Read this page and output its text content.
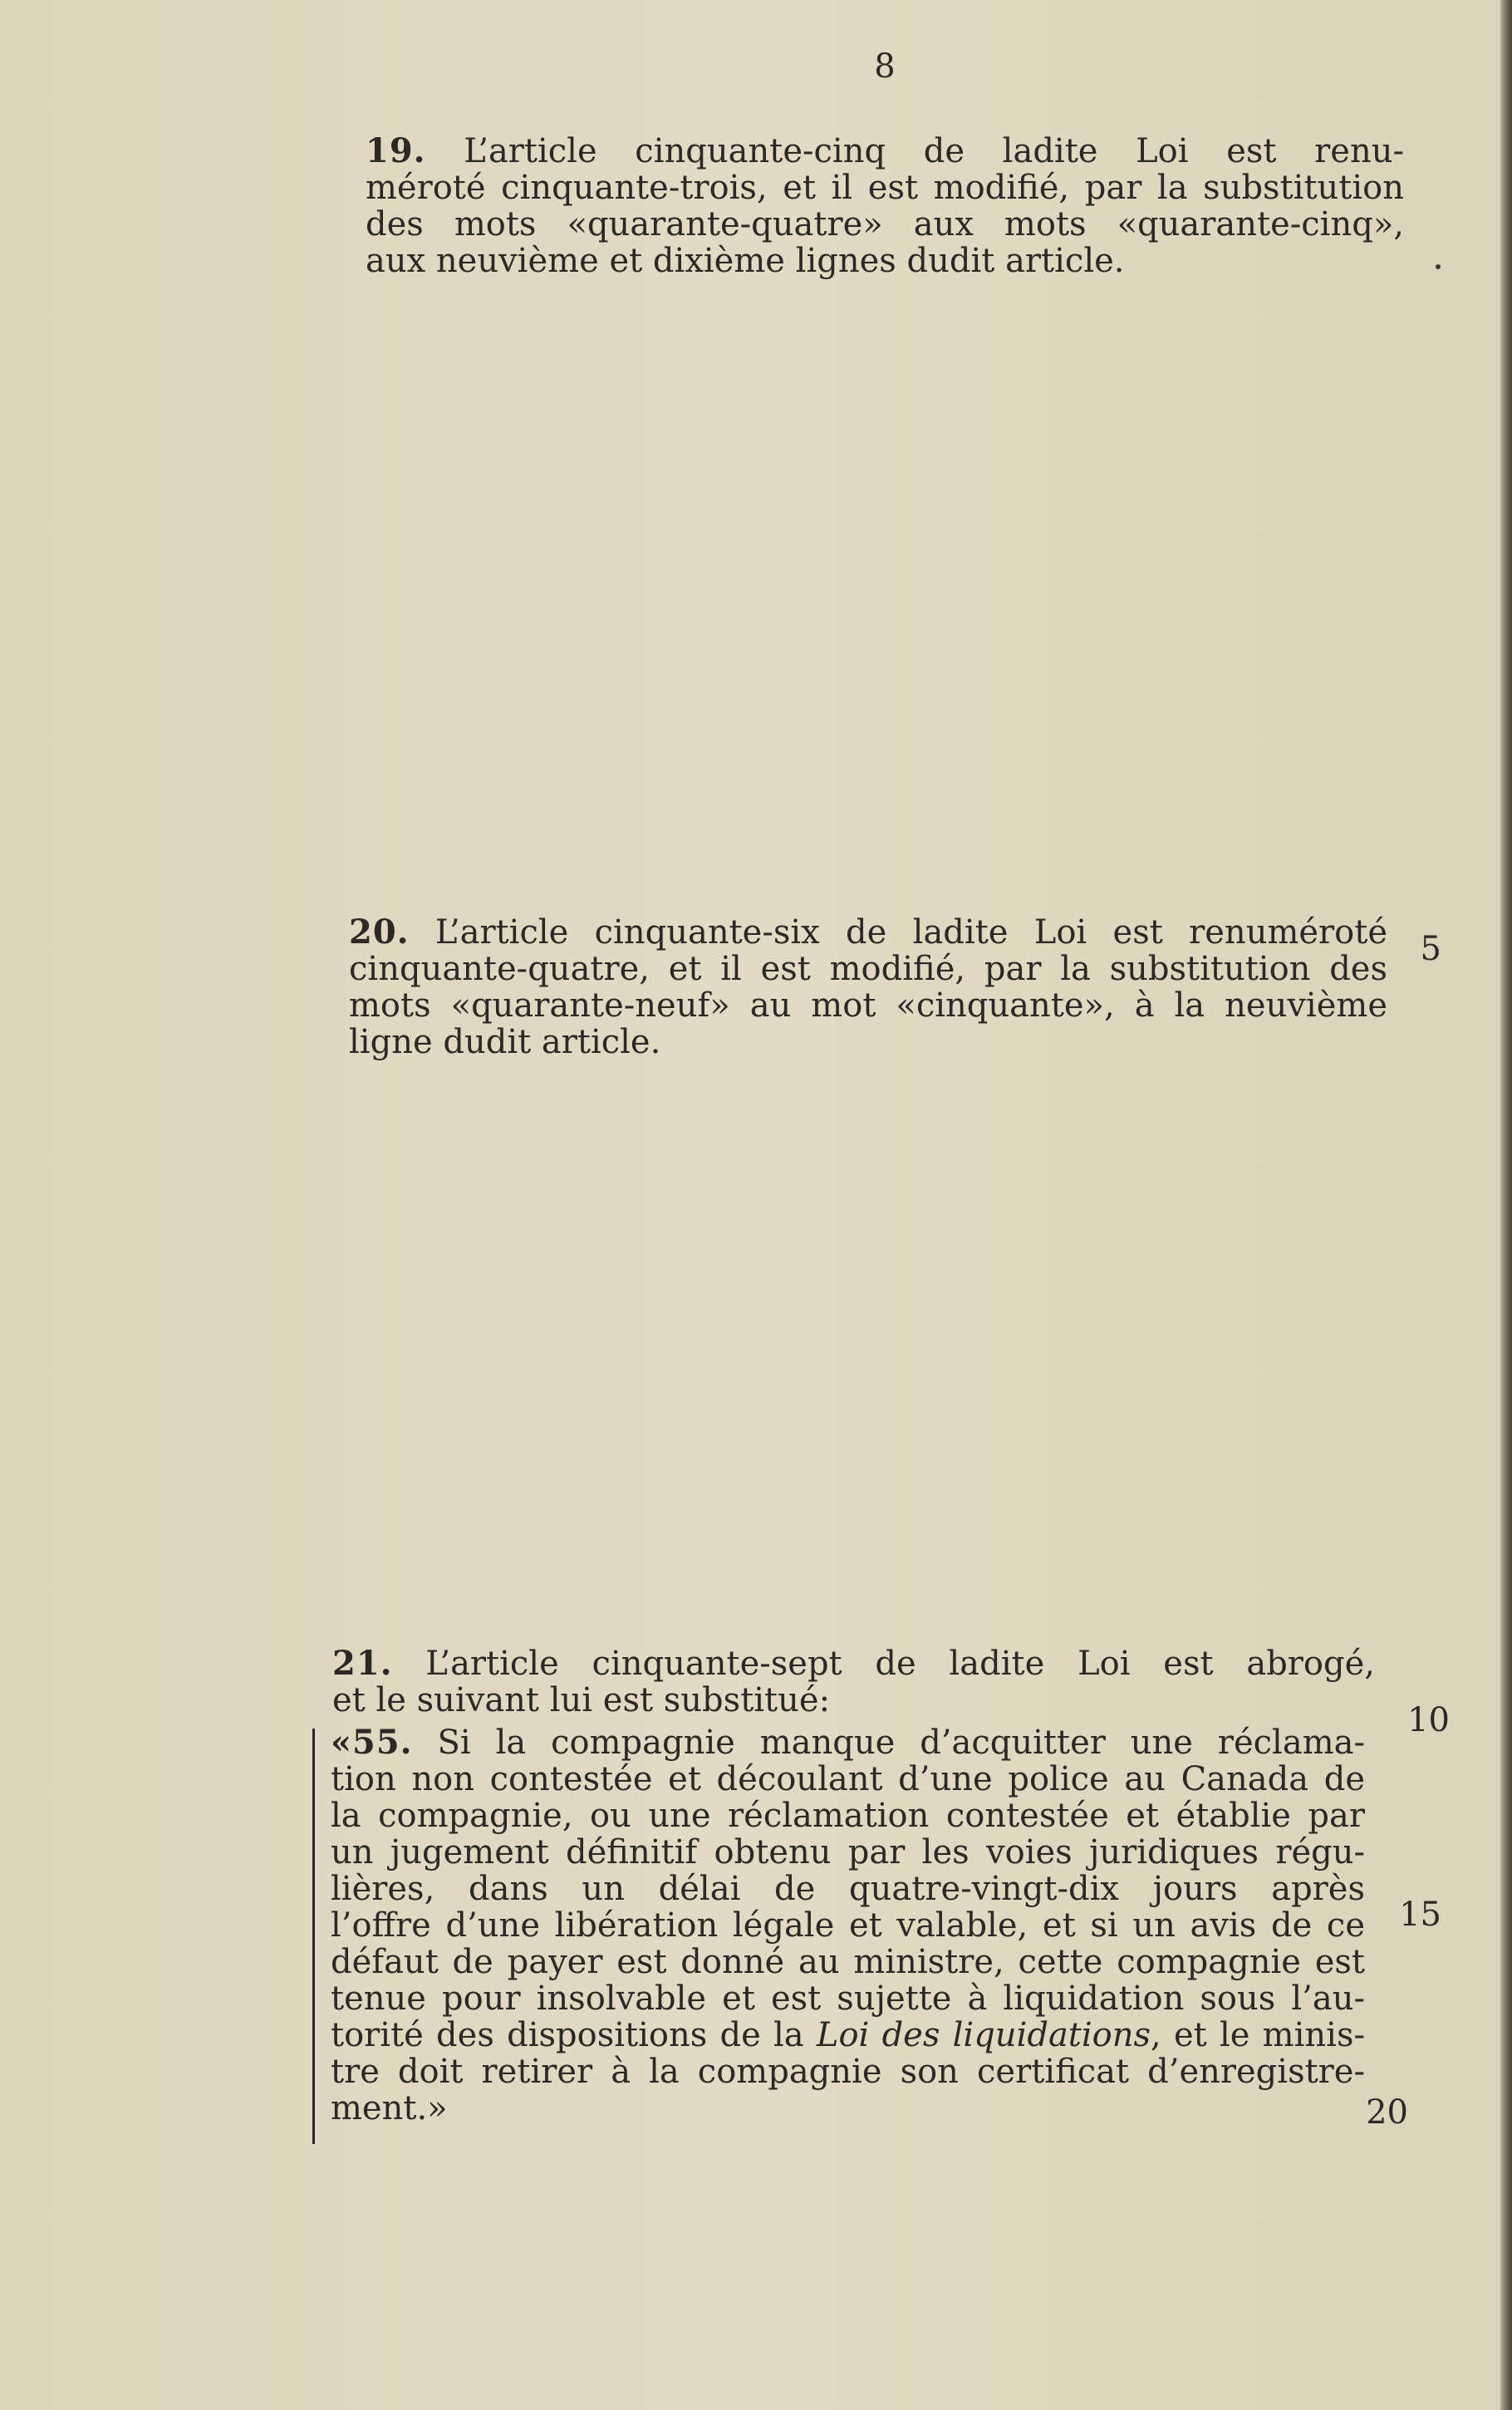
8
19. L’article cinquante-cinq de ladite Loi est renu-
méroté cinquante-trois, et il est modifié, par la substitution
des mots «quarante-quatre» aux mots «quarante-cinq»,
aux neuvième et dixième lignes dudit article.
20. L’article cinquante-six de ladite Loi est renuméroté
cinquante-quatre, et il est modifié, par la substitution des
mots «quarante-neuf» au mot «cinquante», à la neuvième
ligne dudit article.
5
21. L’article cinquante-sept de ladite Loi est abrogé,
et le suivant lui est substitué:
10
«55. Si la compagnie manque d’acquitter une réclama-
tion non contestée et découlant d’une police au Canada de
la compagnie, ou une réclamation contestée et établie par
un jugement définitif obtenu par les voies juridiques régu-
lières, dans un délai de quatre-vingt-dix jours après
l’offre d’une libération légale et valable, et si un avis de ce
défaut de payer est donné au ministre, cette compagnie est
tenue pour insolvable et est sujette à liquidation sous l’au-
torité des dispositions de la Loi des liquidations, et le minis-
tre doit retirer à la compagnie son certificat d’enregistre-
ment.»
15
20
